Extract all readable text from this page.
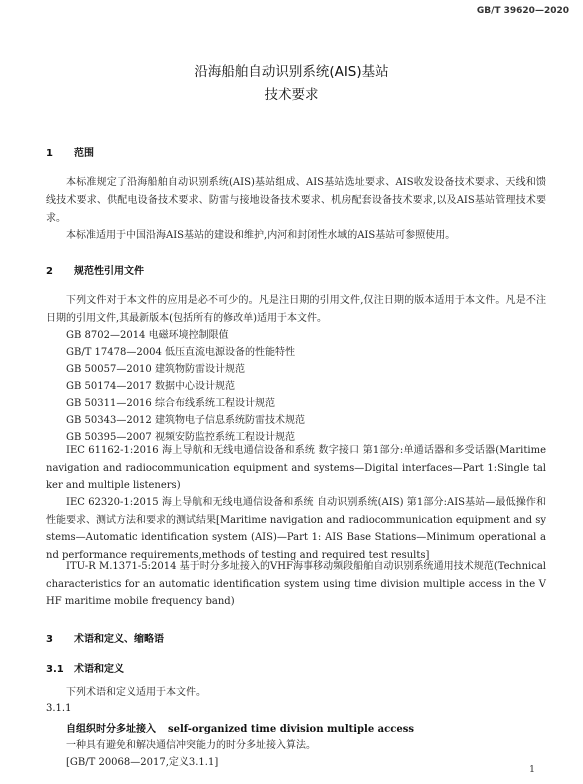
GB/T 39620—2020
沿海船舶自动识别系统(AIS)基站
技术要求
1 范围
本标准规定了沿海船舶自动识别系统(AIS)基站组成、AIS基站选址要求、AIS收发设备技术要求、天线和馈线技术要求、供配电设备技术要求、防雷与接地设备技术要求、机房配套设备技术要求,以及AIS基站管理技术要求。
本标准适用于中国沿海AIS基站的建设和维护,内河和封闭性水域的AIS基站可参照使用。
2 规范性引用文件
下列文件对于本文件的应用是必不可少的。凡是注日期的引用文件,仅注日期的版本适用于本文件。凡是不注日期的引用文件,其最新版本(包括所有的修改单)适用于本文件。
GB 8702—2014 电磁环境控制限值
GB/T 17478—2004 低压直流电源设备的性能特性
GB 50057—2010 建筑物防雷设计规范
GB 50174—2017 数据中心设计规范
GB 50311—2016 综合布线系统工程设计规范
GB 50343—2012 建筑物电子信息系统防雷技术规范
GB 50395—2007 视频安防监控系统工程设计规范
IEC 61162-1:2016 海上导航和无线电通信设备和系统 数字接口 第1部分:单通话器和多受话器(Maritime navigation and radiocommunication equipment and systems—Digital interfaces—Part 1:Single talker and multiple listeners)
IEC 62320-1:2015 海上导航和无线电通信设备和系统 自动识别系统(AIS) 第1部分:AIS基站—最低操作和性能要求、测试方法和要求的测试结果[Maritime navigation and radiocommunication equipment and systems—Automatic identification system (AIS)—Part 1: AIS Base Stations—Minimum operational and performance requirements,methods of testing and required test results]
ITU-R M.1371-5:2014 基于时分多址接入的VHF海事移动频段船舶自动识别系统通用技术规范(Technical characteristics for an automatic identification system using time division multiple access in the VHF maritime mobile frequency band)
3 术语和定义、缩略语
3.1 术语和定义
下列术语和定义适用于本文件。
3.1.1
自组织时分多址接入 self-organized time division multiple access
一种具有避免和解决通信冲突能力的时分多址接入算法。
[GB/T 20068—2017,定义3.1.1]
1
